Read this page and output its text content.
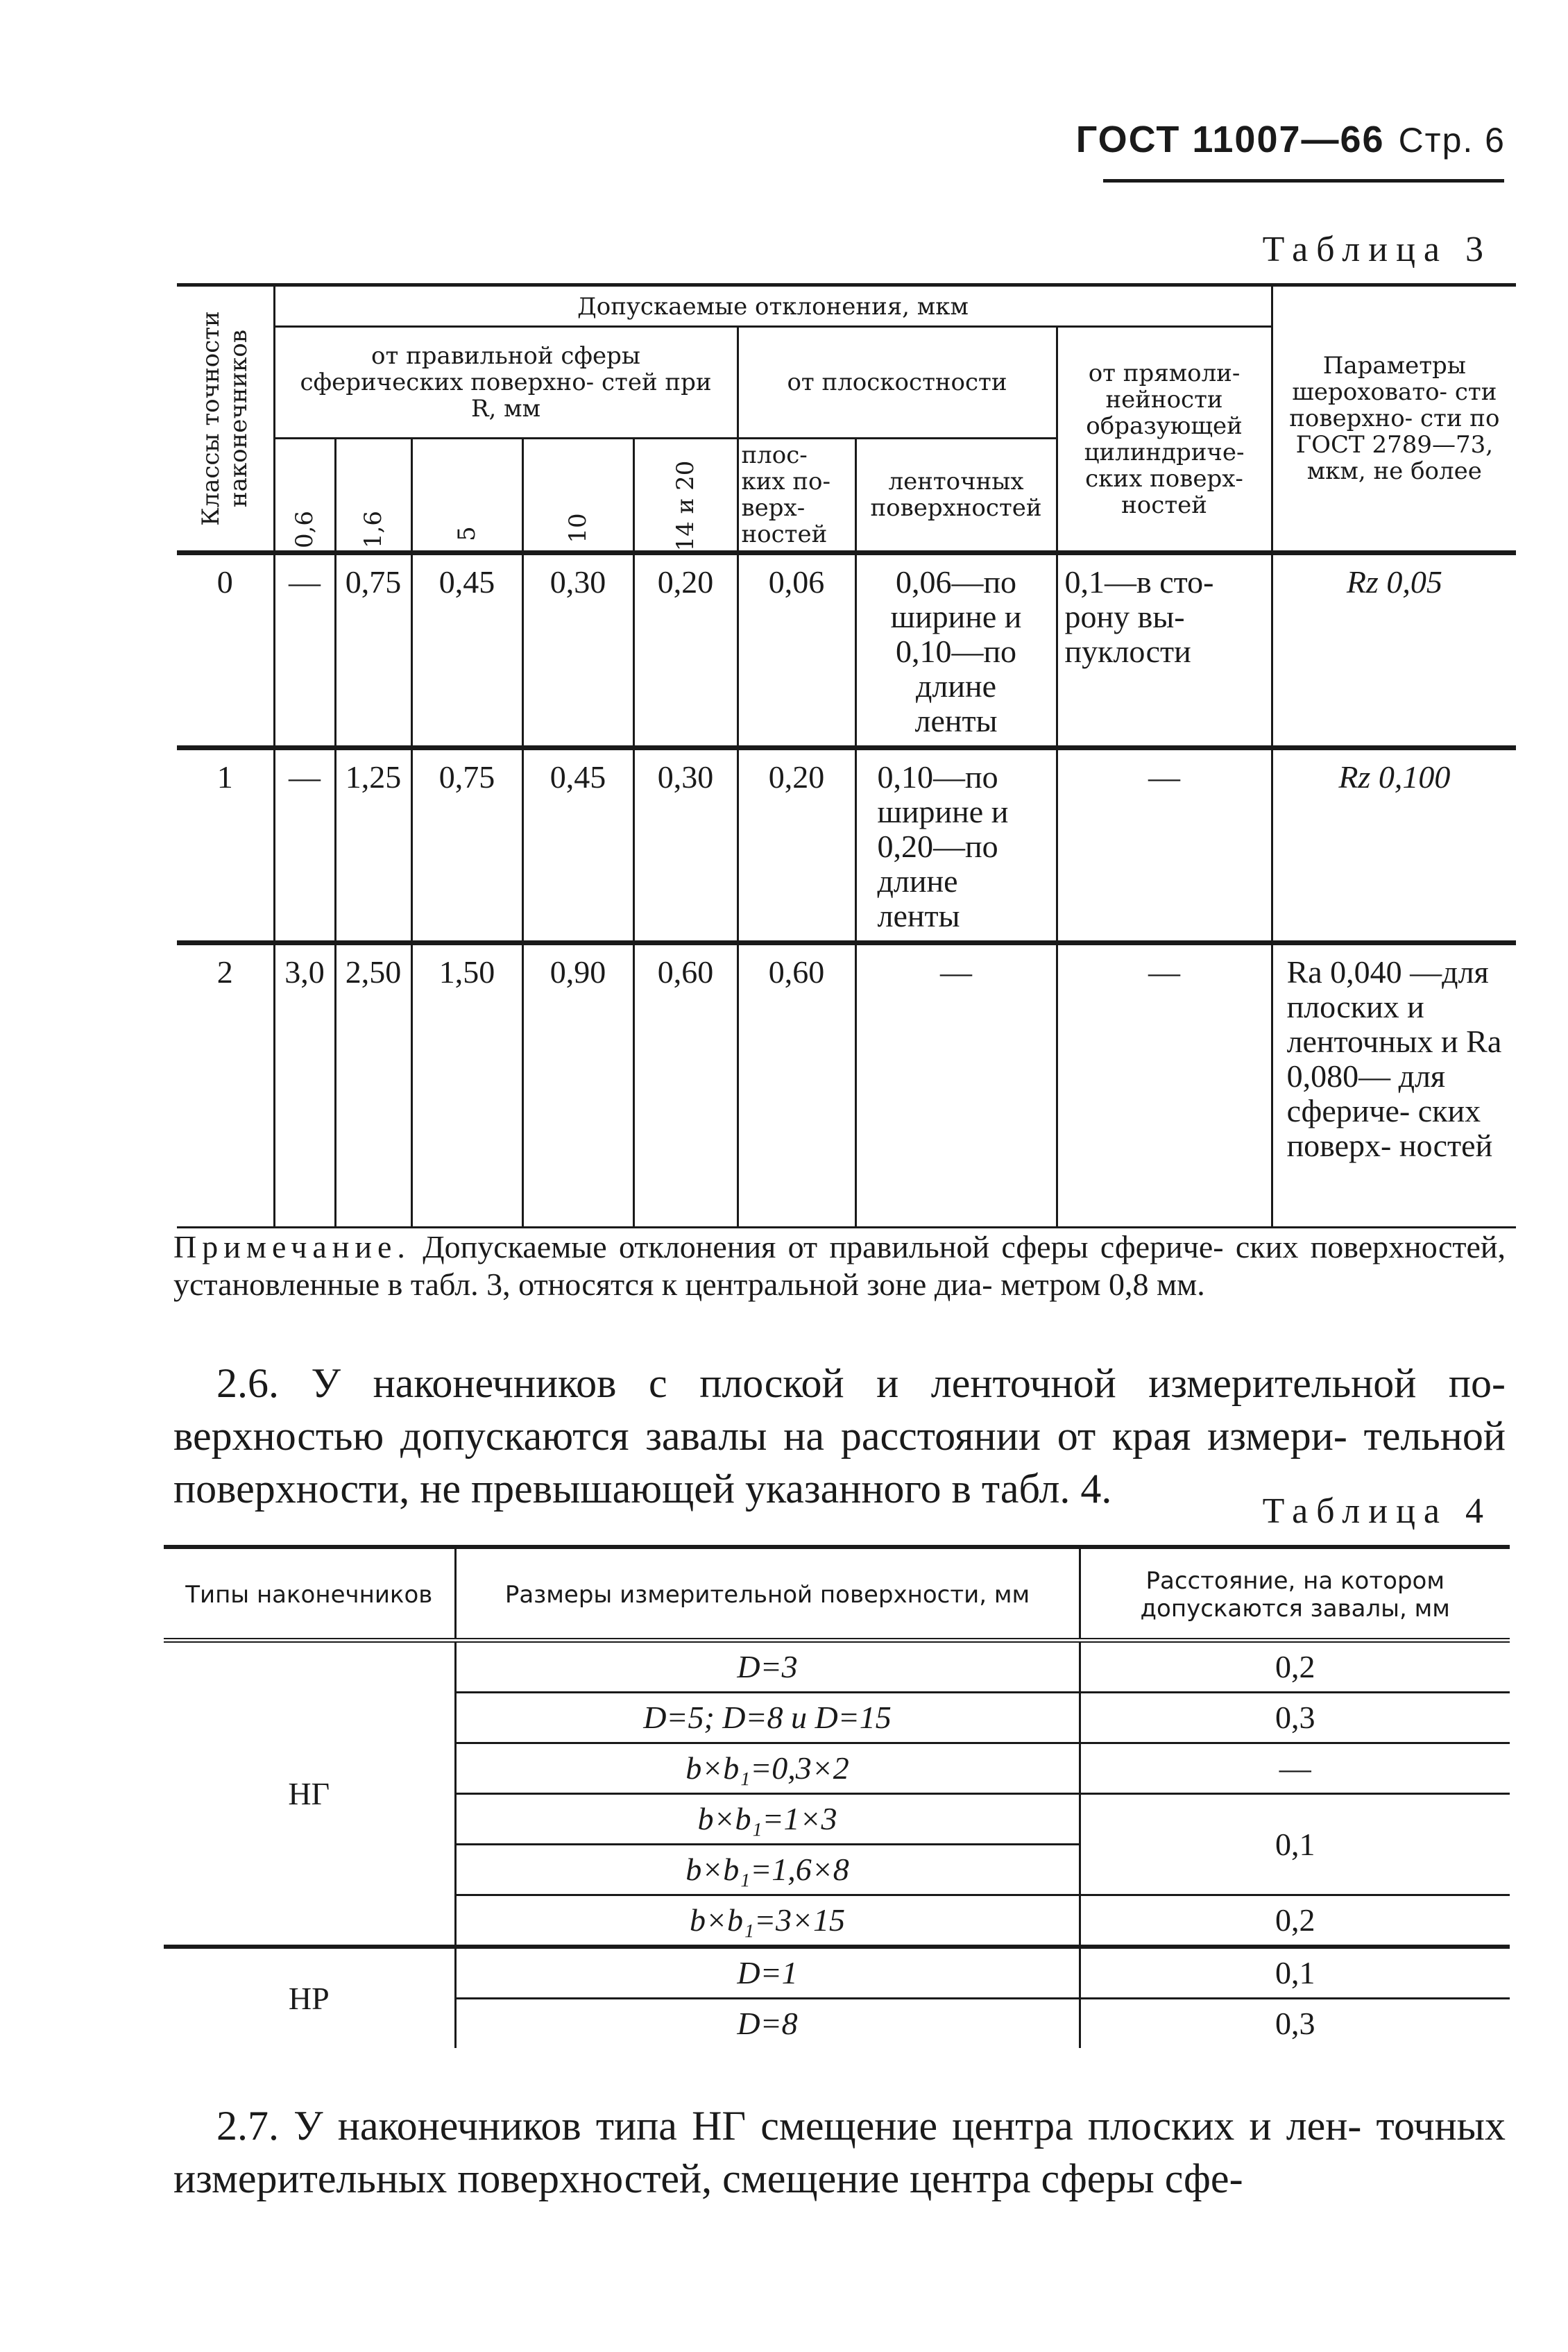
ГОСТ 11007—66 Стр. 6
Таблица 3
Классы точности наконечников	Допускаемые отклонения, мкм								Параметры шероховато- сти поверхно- сти по ГОСТ 2789—73, мкм, не более
	от правильной сферы сферических поверхно- стей при R, мм					от плоскостности		от прямоли- нейности образующей цилиндриче- ских поверх- ностей	

	0,6	1,6	5	10	14 и 20	плос- ких по- верх- ностей	ленточных поверхностей		
0	—	0,75	0,45	0,30	0,20	0,06	0,06—по ширине и 0,10—по длине ленты	0,1—в сто- рону вы- пуклости	Rz 0,05
1	—	1,25	0,75	0,45	0,30	0,20	0,10—по ширине и 0,20—по длине ленты	—	Rz 0,100
2	3,0	2,50	1,50	0,90	0,60	0,60	—	—	Ra 0,040 —для плоских и ленточных и Ra 0,080— для сфериче- ских поверх- ностей
Примечание. Допускаемые отклонения от правильной сферы сфериче- ских поверхностей, установленные в табл. 3, относятся к центральной зоне диа- метром 0,8 мм.
2.6. У наконечников с плоской и ленточной измерительной по- верхностью допускаются завалы на расстоянии от края измери- тельной поверхности, не превышающей указанного в табл. 4.	Таблица 4
Типы наконечников	Размеры измерительной поверхности, мм	Расстояние, на котором допускаются завалы, мм
НГ	D=3	0,2
	D=5; D=8 и D=15	0,3
	b×b₁=0,3×2	—
	b×b₁=1×3	0,1
	b×b₁=1,6×8	
	b×b₁=3×15	0,2
НР	D=1	0,1
	D=8	0,3
2.7. У наконечников типа НГ смещение центра плоских и лен- точных измерительных поверхностей, смещение центра сферы сфе-
